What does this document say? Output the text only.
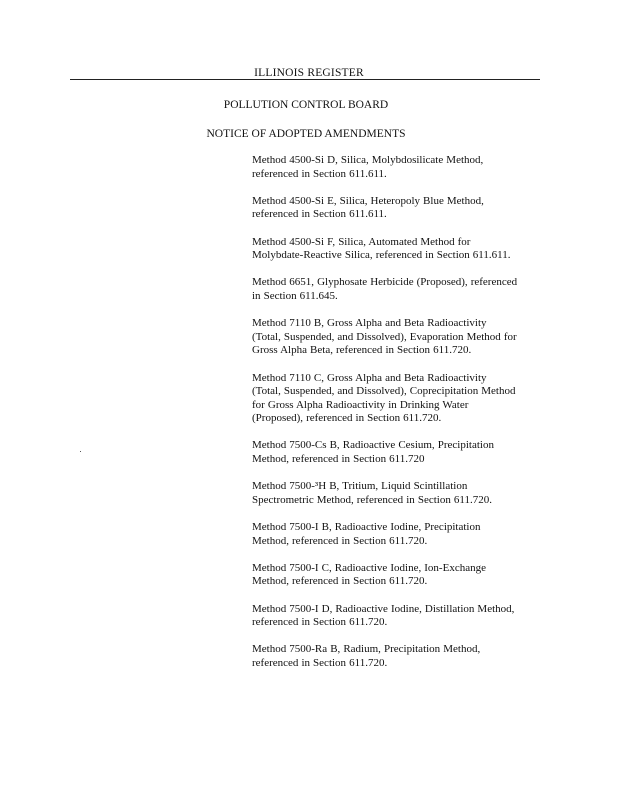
ILLINOIS REGISTER
POLLUTION CONTROL BOARD
NOTICE OF ADOPTED AMENDMENTS
Method 4500-Si D, Silica, Molybdosilicate Method,
referenced in Section 611.611.
Method 4500-Si E, Silica, Heteropoly Blue Method,
referenced in Section 611.611.
Method 4500-Si F, Silica, Automated Method for
Molybdate-Reactive Silica, referenced in Section 611.611.
Method 6651, Glyphosate Herbicide (Proposed), referenced
in Section 611.645.
Method 7110 B, Gross Alpha and Beta Radioactivity
(Total, Suspended, and Dissolved), Evaporation Method for
Gross Alpha Beta, referenced in Section 611.720.
Method 7110 C, Gross Alpha and Beta Radioactivity
(Total, Suspended, and Dissolved), Coprecipitation Method
for Gross Alpha Radioactivity in Drinking Water
(Proposed), referenced in Section 611.720.
Method 7500-Cs B, Radioactive Cesium, Precipitation
Method, referenced in Section 611.720
Method 7500-³H B, Tritium, Liquid Scintillation
Spectrometric Method, referenced in Section 611.720.
Method 7500-I B, Radioactive Iodine, Precipitation
Method, referenced in Section 611.720.
Method 7500-I C, Radioactive Iodine, Ion-Exchange
Method, referenced in Section 611.720.
Method 7500-I D, Radioactive Iodine, Distillation Method,
referenced in Section 611.720.
Method 7500-Ra B, Radium, Precipitation Method,
referenced in Section 611.720.
